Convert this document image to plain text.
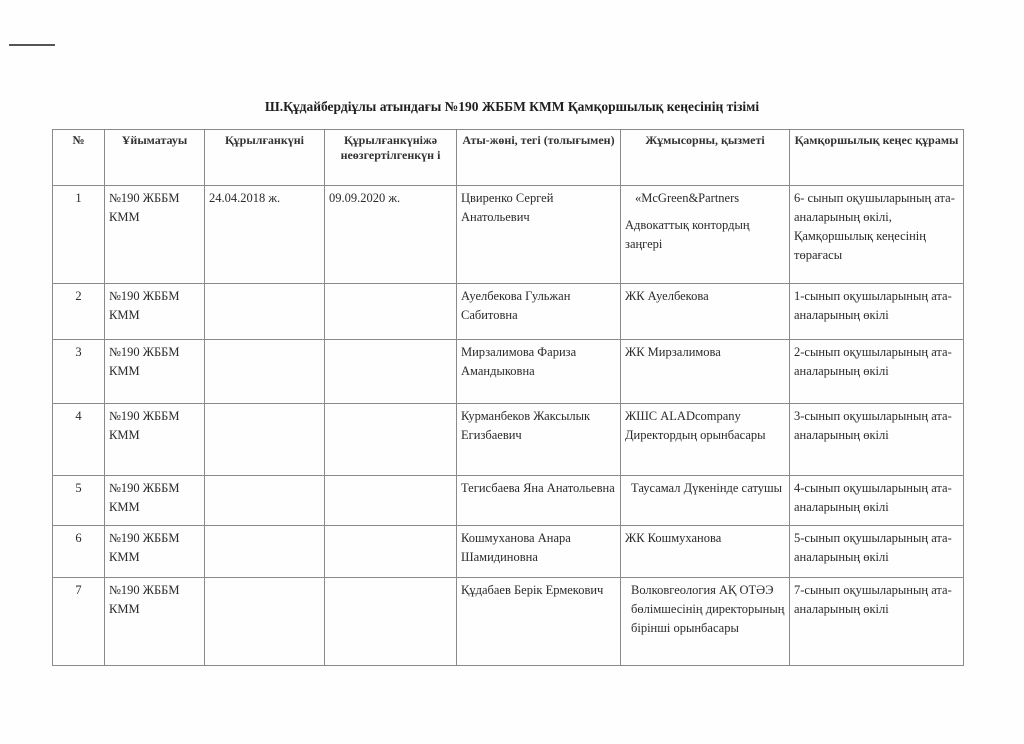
Ш.Құдайбердіұлы атындағы №190 ЖББМ КММ Қамқоршылық кеңесінің тізімі
№	Ұйыматауы	Құрылғанкүні	Құрылғанкүніжә неөзгертілгенкүн і	Аты-жөні, тегі (толығымен)	Жұмысорны, қызметі	Қамқоршылық кеңес құрамы
1	№190 ЖББМ КММ	24.04.2018 ж.	09.09.2020 ж.	Цвиренко Сергей Анатольевич	«McGreen&Partners
Адвокаттық контордың заңгері	6- сынып оқушыларының ата- аналарының өкілі, Қамқоршылық кеңесінің төрағасы
2	№190 ЖББМ КММ			Ауелбекова Гульжан Сабитовна	ЖК Ауелбекова	1-сынып оқушыларының ата- аналарының өкілі
3	№190 ЖББМ КММ			Мирзалимова Фариза Амандыковна	ЖК Мирзалимова	2-сынып оқушыларының ата- аналарының өкілі
4	№190 ЖББМ КММ			Курманбеков Жаксылык Егизбаевич	ЖШС ALADcompany Директордың орынбасары	3-сынып оқушыларының ата- аналарының өкілі
5	№190 ЖББМ КММ			Тегисбаева Яна Анатольевна	Таусамал Дүкенінде сатушы	4-сынып оқушыларының ата- аналарының өкілі
6	№190 ЖББМ КММ			Кошмуханова Анара Шамидиновна	ЖК Кошмуханова	5-сынып оқушыларының ата- аналарының өкілі
7	№190 ЖББМ КММ			Құдабаев Берік Ермекович	Волковгеология АҚ ОТӘЭ бөлімшесінің директорының бірінші орынбасары	7-сынып оқушыларының ата- аналарының өкілі
